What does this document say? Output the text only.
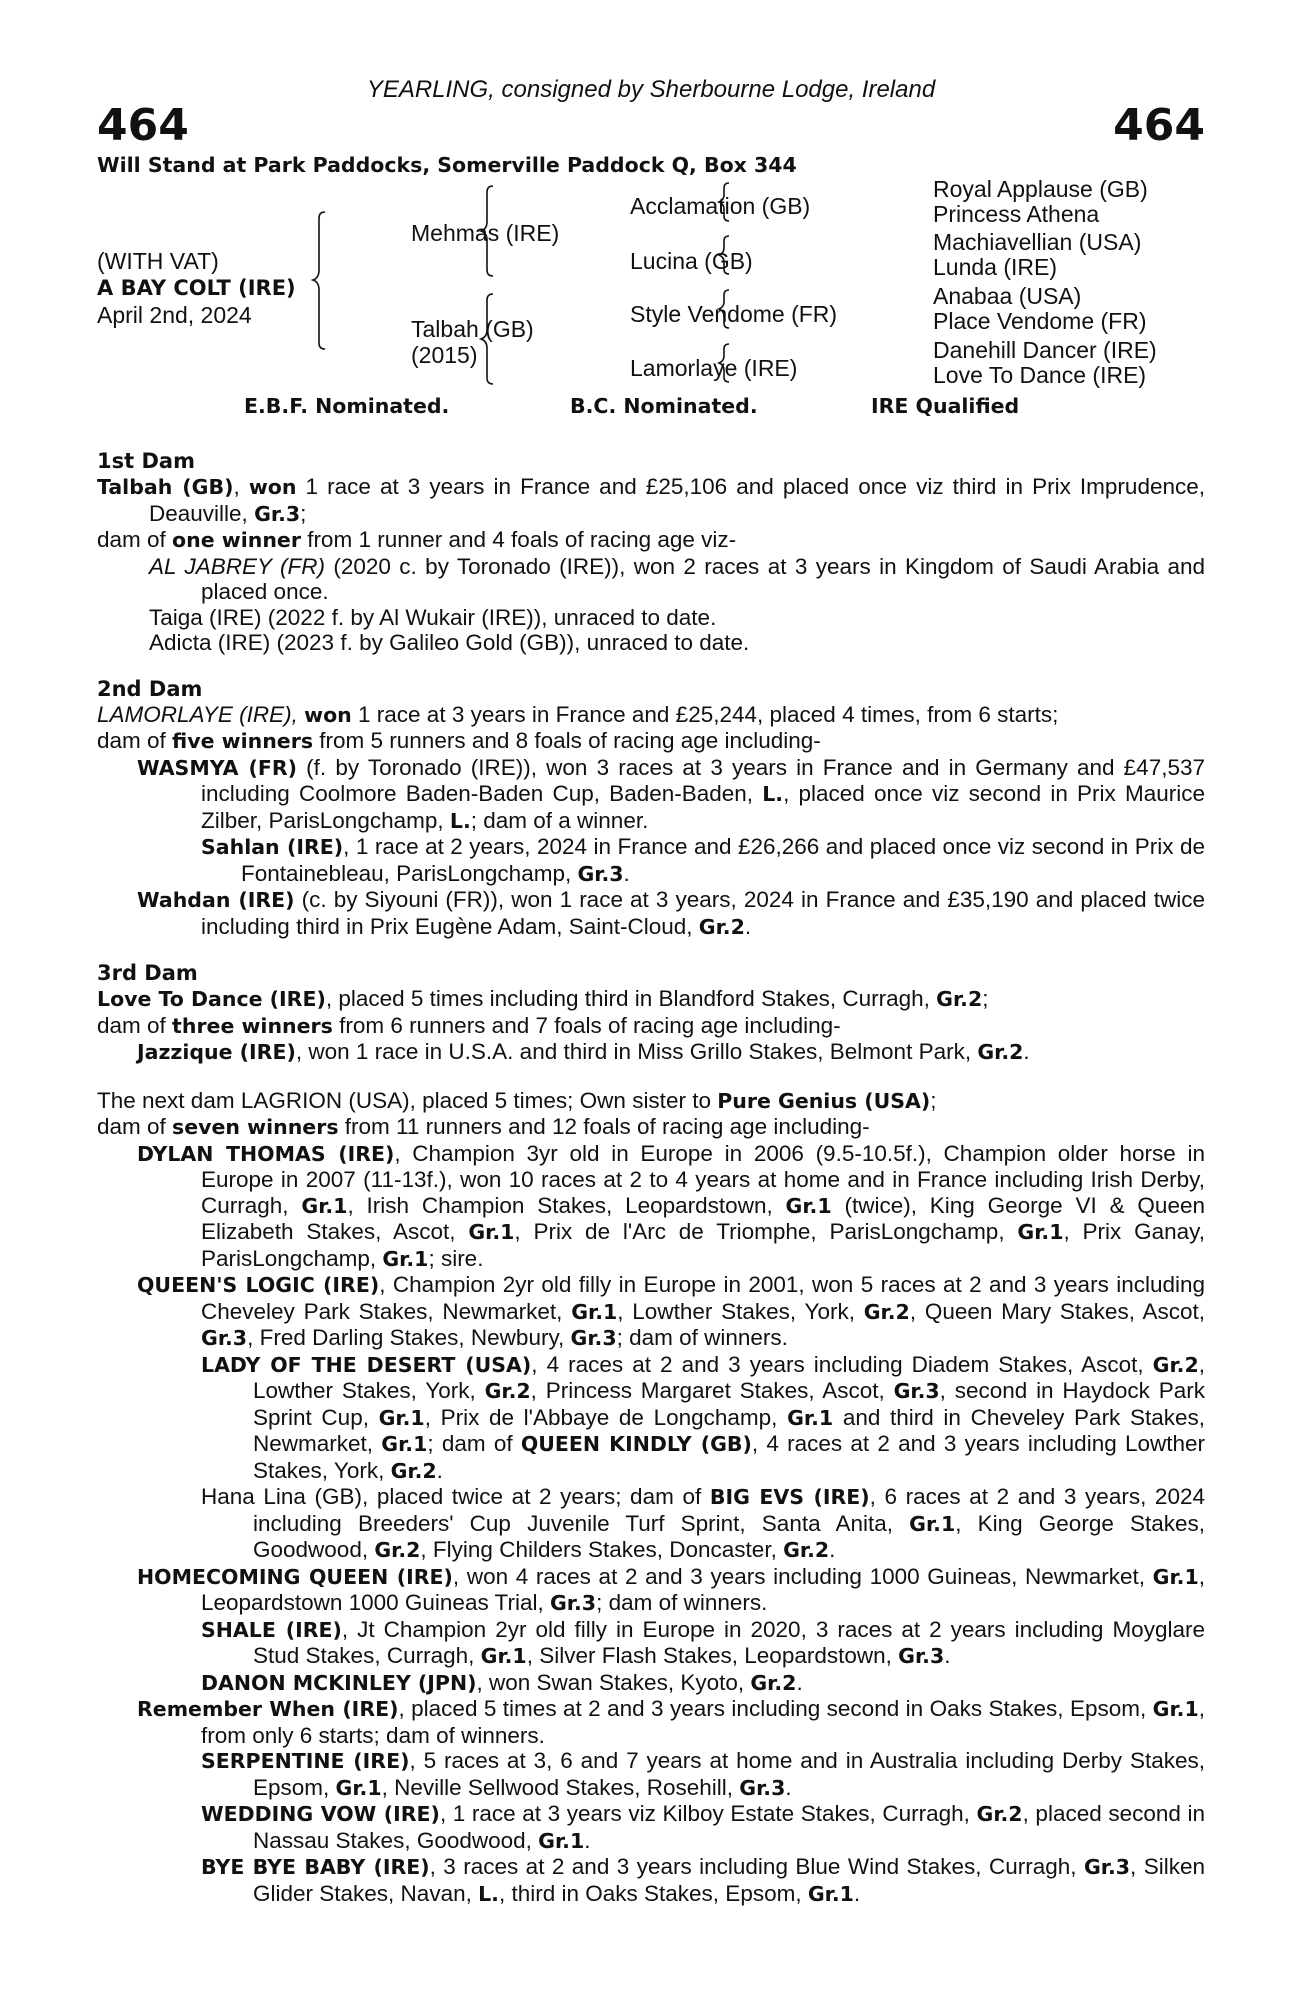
YEARLING, consigned by Sherbourne Lodge, Ireland
464	464
Will Stand at Park Paddocks, Somerville Paddock Q, Box 344
(WITH VAT)
A BAY COLT (IRE)
April 2nd, 2024
Mehmas (IRE)
Talbah (GB)
(2015)
Acclamation (GB)
Lucina (GB)
Style Vendome (FR)
Lamorlaye (IRE)
Royal Applause (GB)
Princess Athena
Machiavellian (USA)
Lunda (IRE)
Anabaa (USA)
Place Vendome (FR)
Danehill Dancer (IRE)
Love To Dance (IRE)
E.B.F. Nominated.	B.C. Nominated.	IRE Qualified
1st Dam
Talbah (GB), won 1 race at 3 years in France and £25,106 and placed once viz third in Prix Imprudence, Deauville, Gr.3;
dam of one winner from 1 runner and 4 foals of racing age viz-
AL JABREY (FR) (2020 c. by Toronado (IRE)), won 2 races at 3 years in Kingdom of Saudi Arabia and placed once.
Taiga (IRE) (2022 f. by Al Wukair (IRE)), unraced to date.
Adicta (IRE) (2023 f. by Galileo Gold (GB)), unraced to date.
2nd Dam
LAMORLAYE (IRE), won 1 race at 3 years in France and £25,244, placed 4 times, from 6 starts;
dam of five winners from 5 runners and 8 foals of racing age including-
WASMYA (FR) (f. by Toronado (IRE)), won 3 races at 3 years in France and in Germany and £47,537 including Coolmore Baden-Baden Cup, Baden-Baden, L., placed once viz second in Prix Maurice Zilber, ParisLongchamp, L.; dam of a winner.
Sahlan (IRE), 1 race at 2 years, 2024 in France and £26,266 and placed once viz second in Prix de Fontainebleau, ParisLongchamp, Gr.3.
Wahdan (IRE) (c. by Siyouni (FR)), won 1 race at 3 years, 2024 in France and £35,190 and placed twice including third in Prix Eugène Adam, Saint-Cloud, Gr.2.
3rd Dam
Love To Dance (IRE), placed 5 times including third in Blandford Stakes, Curragh, Gr.2;
dam of three winners from 6 runners and 7 foals of racing age including-
Jazzique (IRE), won 1 race in U.S.A. and third in Miss Grillo Stakes, Belmont Park, Gr.2.
The next dam LAGRION (USA), placed 5 times; Own sister to Pure Genius (USA);
dam of seven winners from 11 runners and 12 foals of racing age including-
DYLAN THOMAS (IRE), Champion 3yr old in Europe in 2006 (9.5-10.5f.), Champion older horse in Europe in 2007 (11-13f.), won 10 races at 2 to 4 years at home and in France including Irish Derby, Curragh, Gr.1, Irish Champion Stakes, Leopardstown, Gr.1 (twice), King George VI & Queen Elizabeth Stakes, Ascot, Gr.1, Prix de l'Arc de Triomphe, ParisLongchamp, Gr.1, Prix Ganay, ParisLongchamp, Gr.1; sire.
QUEEN'S LOGIC (IRE), Champion 2yr old filly in Europe in 2001, won 5 races at 2 and 3 years including Cheveley Park Stakes, Newmarket, Gr.1, Lowther Stakes, York, Gr.2, Queen Mary Stakes, Ascot, Gr.3, Fred Darling Stakes, Newbury, Gr.3; dam of winners.
LADY OF THE DESERT (USA), 4 races at 2 and 3 years including Diadem Stakes, Ascot, Gr.2, Lowther Stakes, York, Gr.2, Princess Margaret Stakes, Ascot, Gr.3, second in Haydock Park Sprint Cup, Gr.1, Prix de l'Abbaye de Longchamp, Gr.1 and third in Cheveley Park Stakes, Newmarket, Gr.1; dam of QUEEN KINDLY (GB), 4 races at 2 and 3 years including Lowther Stakes, York, Gr.2.
Hana Lina (GB), placed twice at 2 years; dam of BIG EVS (IRE), 6 races at 2 and 3 years, 2024 including Breeders' Cup Juvenile Turf Sprint, Santa Anita, Gr.1, King George Stakes, Goodwood, Gr.2, Flying Childers Stakes, Doncaster, Gr.2.
HOMECOMING QUEEN (IRE), won 4 races at 2 and 3 years including 1000 Guineas, Newmarket, Gr.1, Leopardstown 1000 Guineas Trial, Gr.3; dam of winners.
SHALE (IRE), Jt Champion 2yr old filly in Europe in 2020, 3 races at 2 years including Moyglare Stud Stakes, Curragh, Gr.1, Silver Flash Stakes, Leopardstown, Gr.3.
DANON MCKINLEY (JPN), won Swan Stakes, Kyoto, Gr.2.
Remember When (IRE), placed 5 times at 2 and 3 years including second in Oaks Stakes, Epsom, Gr.1, from only 6 starts; dam of winners.
SERPENTINE (IRE), 5 races at 3, 6 and 7 years at home and in Australia including Derby Stakes, Epsom, Gr.1, Neville Sellwood Stakes, Rosehill, Gr.3.
WEDDING VOW (IRE), 1 race at 3 years viz Kilboy Estate Stakes, Curragh, Gr.2, placed second in Nassau Stakes, Goodwood, Gr.1.
BYE BYE BABY (IRE), 3 races at 2 and 3 years including Blue Wind Stakes, Curragh, Gr.3, Silken Glider Stakes, Navan, L., third in Oaks Stakes, Epsom, Gr.1.
